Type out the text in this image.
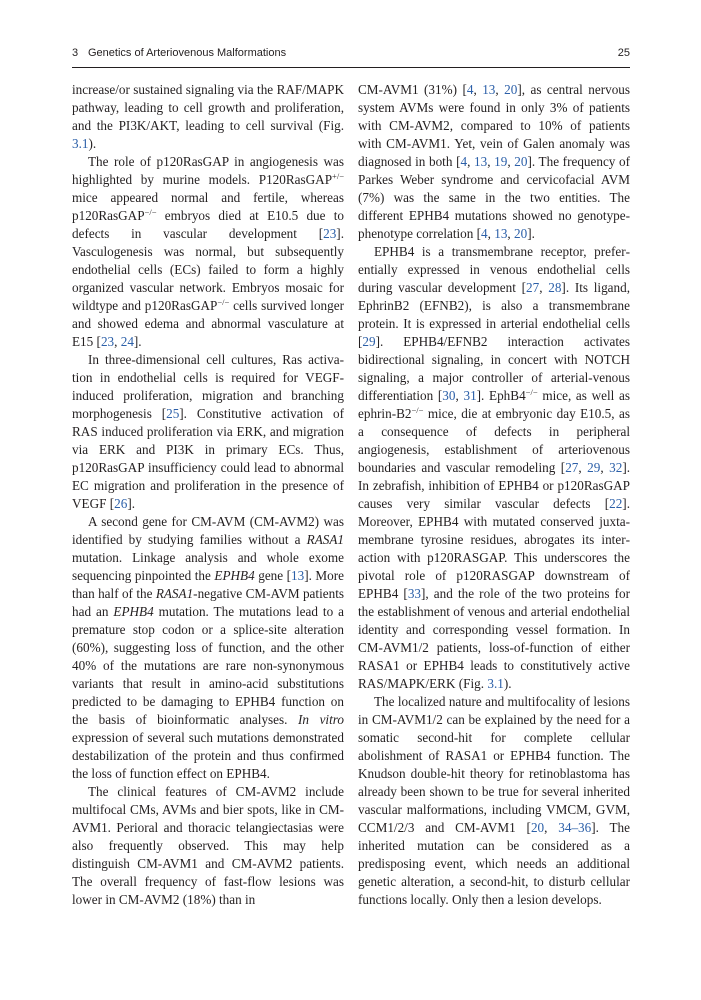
3 Genetics of Arteriovenous Malformations	25

increase/or sustained signaling via the RAF/MAPK pathway, leading to cell growth and proliferation, and the PI3K/AKT, leading to cell survival (Fig. 3.1).

The role of p120RasGAP in angiogenesis was highlighted by murine models. P120RasGAP+/− mice appeared normal and fertile, whereas p120RasGAP−/− embryos died at E10.5 due to defects in vascular development [23]. Vasculogenesis was normal, but subsequently endothelial cells (ECs) failed to form a highly organized vascular network. Embryos mosaic for wildtype and p120RasGAP−/− cells survived longer and showed edema and abnormal vasculature at E15 [23, 24].

In three-dimensional cell cultures, Ras activation in endothelial cells is required for VEGF-induced proliferation, migration and branching morphogenesis [25]. Constitutive activation of RAS induced proliferation via ERK, and migration via ERK and PI3K in primary ECs. Thus, p120RasGAP insufficiency could lead to abnormal EC migration and proliferation in the presence of VEGF [26].

A second gene for CM-AVM (CM-AVM2) was identified by studying families without a RASA1 mutation. Linkage analysis and whole exome sequencing pinpointed the EPHB4 gene [13]. More than half of the RASA1-negative CM-AVM patients had an EPHB4 mutation. The mutations lead to a premature stop codon or a splice-site alteration (60%), suggesting loss of function, and the other 40% of the mutations are rare non-synonymous variants that result in amino-acid substitutions predicted to be damaging to EPHB4 function on the basis of bioinformatic analyses. In vitro expression of several such mutations demonstrated destabilization of the protein and thus confirmed the loss of function effect on EPHB4.

The clinical features of CM-AVM2 include multifocal CMs, AVMs and bier spots, like in CM-AVM1. Perioral and thoracic telangiectasias were also frequently observed. This may help distinguish CM-AVM1 and CM-AVM2 patients. The overall frequency of fast-flow lesions was lower in CM-AVM2 (18%) than in

CM-AVM1 (31%) [4, 13, 20], as central nervous system AVMs were found in only 3% of patients with CM-AVM2, compared to 10% of patients with CM-AVM1. Yet, vein of Galen anomaly was diagnosed in both [4, 13, 19, 20]. The frequency of Parkes Weber syndrome and cervicofacial AVM (7%) was the same in the two entities. The different EPHB4 mutations showed no genotype-phenotype correlation [4, 13, 20].

EPHB4 is a transmembrane receptor, preferentially expressed in venous endothelial cells during vascular development [27, 28]. Its ligand, EphrinB2 (EFNB2), is also a transmembrane protein. It is expressed in arterial endothelial cells [29]. EPHB4/EFNB2 interaction activates bidirectional signaling, in concert with NOTCH signaling, a major controller of arterial-venous differentiation [30, 31]. EphB4−/− mice, as well as ephrin-B2−/− mice, die at embryonic day E10.5, as a consequence of defects in peripheral angiogenesis, establishment of arteriovenous boundaries and vascular remodeling [27, 29, 32]. In zebrafish, inhibition of EPHB4 or p120RasGAP causes very similar vascular defects [22]. Moreover, EPHB4 with mutated conserved juxtamembrane tyrosine residues, abrogates its interaction with p120RASGAP. This underscores the pivotal role of p120RASGAP downstream of EPHB4 [33], and the role of the two proteins for the establishment of venous and arterial endothelial identity and corresponding vessel formation. In CM-AVM1/2 patients, loss-of-function of either RASA1 or EPHB4 leads to constitutively active RAS/MAPK/ERK (Fig. 3.1).

The localized nature and multifocality of lesions in CM-AVM1/2 can be explained by the need for a somatic second-hit for complete cellular abolishment of RASA1 or EPHB4 function. The Knudson double-hit theory for retinoblastoma has already been shown to be true for several inherited vascular malformations, including VMCM, GVM, CCM1/2/3 and CM-AVM1 [20, 34–36]. The inherited mutation can be considered as a predisposing event, which needs an additional genetic alteration, a second-hit, to disturb cellular functions locally. Only then a lesion develops.
